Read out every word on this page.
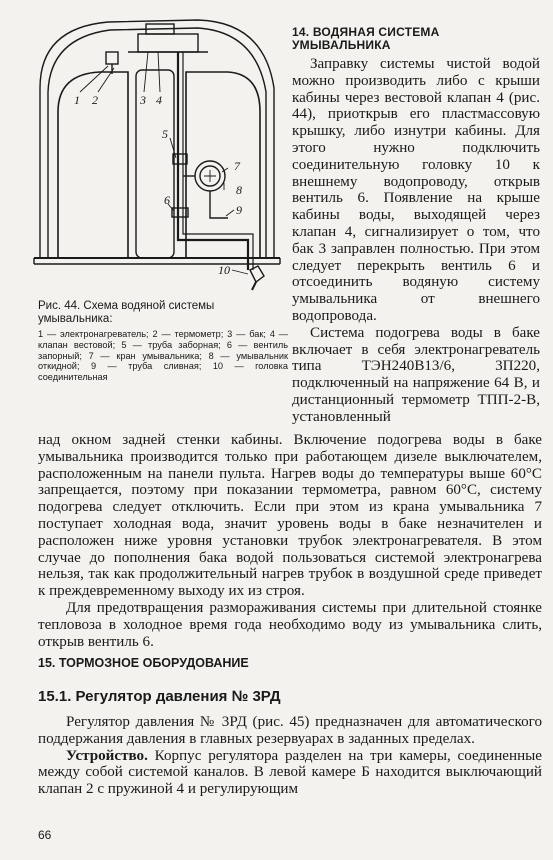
1 2	3 4
5
6
7
8
9
10

Рис. 44. Схема водяной системы умывальника:

1 — электронагреватель; 2 — термометр; 3 — бак; 4 — клапан вестовой; 5 — труба заборная; 6 — вентиль запорный; 7 — кран умывальника; 8 — умывальник откидной; 9 — труба сливная; 10 — головка соединительная

14. ВОДЯНАЯ СИСТЕМА УМЫВАЛЬНИКА

Заправку системы чистой водой можно производить либо с крыши кабины через вестовой клапан 4 (рис. 44), приоткрыв его пластмассовую крышку, либо изнутри кабины. Для этого нужно подключить соединительную головку 10 к внешнему водопроводу, открыв вентиль 6. Появление на крыше кабины воды, выходящей через клапан 4, сигнализирует о том, что бак 3 заправлен полностью. При этом следует перекрыть вентиль 6 и отсоединить водяную систему умывальника от внешнего водопровода.

Система подогрева воды в баке включает в себя электронагреватель типа ТЭН240В13/6, 3П220, подключенный на напряжение 64 В, и дистанционный термометр ТПП-2-В, установленный

над окном задней стенки кабины. Включение подогрева воды в баке умывальника производится только при работающем дизеле выключателем, расположенным на панели пульта. Нагрев воды до температуры выше 60°С запрещается, поэтому при показании термометра, равном 60°С, систему подогрева следует отключить. Если при этом из крана умывальника 7 поступает холодная вода, значит уровень воды в баке незначителен и расположен ниже уровня установки трубок электронагревателя. В этом случае до пополнения бака водой пользоваться системой электронагрева нельзя, так как продолжительный нагрев трубок в воздушной среде приведет к преждевременному выходу их из строя.

Для предотвращения размораживания системы при длительной стоянке тепловоза в холодное время года необходимо воду из умывальника слить, открыв вентиль 6.

15. ТОРМОЗНОЕ ОБОРУДОВАНИЕ

15.1. Регулятор давления № 3РД

Регулятор давления № 3РД (рис. 45) предназначен для автоматического поддержания давления в главных резервуарах в заданных пределах.

Устройство. Корпус регулятора разделен на три камеры, соединенные между собой системой каналов. В левой камере Б находится выключающий клапан 2 с пружиной 4 и регулирующим

66
